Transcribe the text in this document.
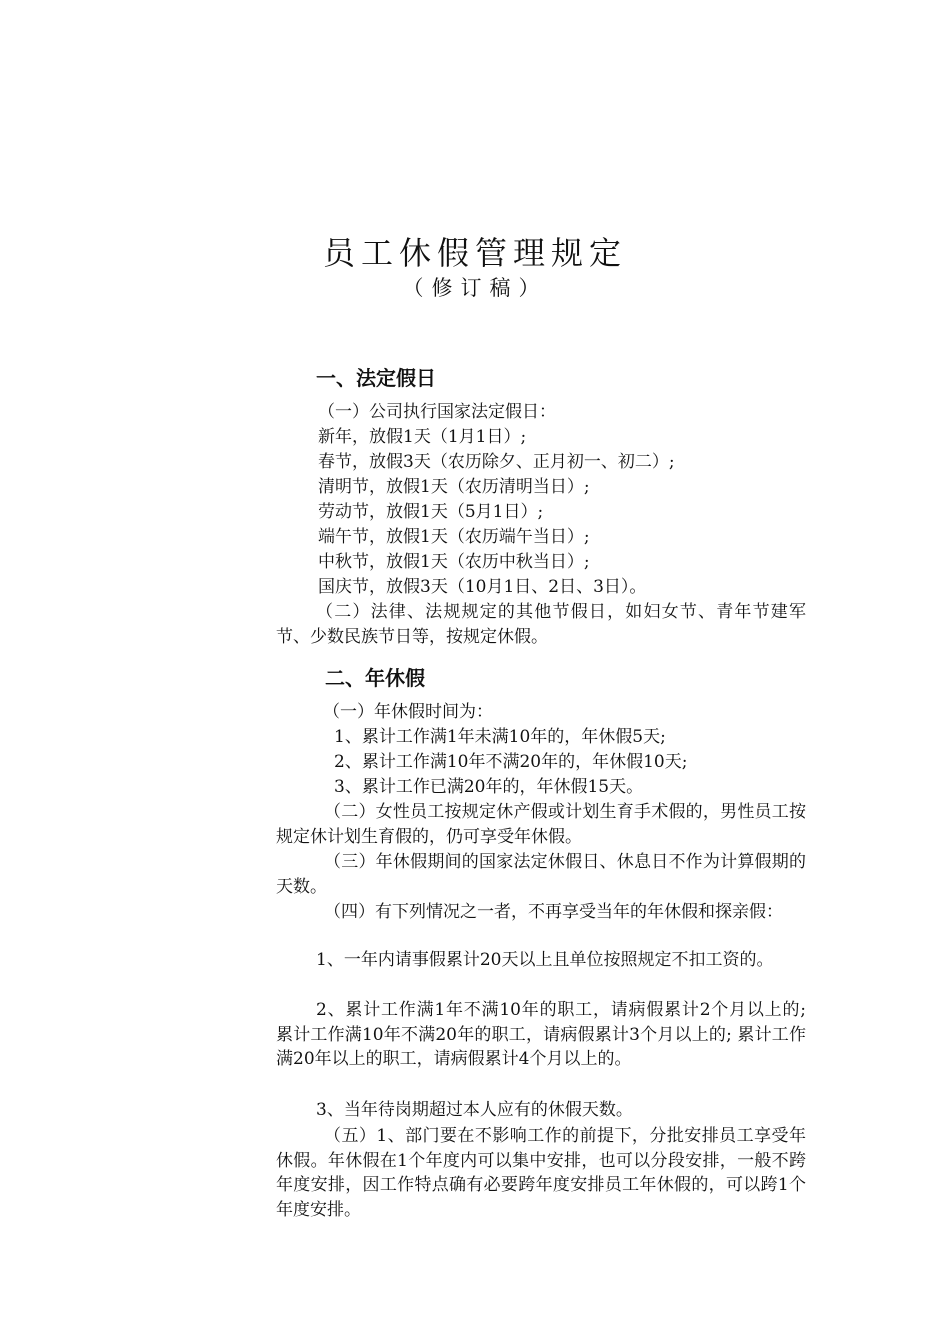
员工休假管理规定
（修订稿）
一、法定假日
（一）公司执行国家法定假日：
新年，放假1天（1月1日）;
春节，放假3天（农历除夕、正月初一、初二）;
清明节，放假1天（农历清明当日）;
劳动节，放假1天（5月1日）;
端午节，放假1天（农历端午当日）;
中秋节，放假1天（农历中秋当日）;
国庆节，放假3天（10月1日、2日、3日）。

（二）法律、法规规定的其他节假日，如妇女节、青年节建军节、少数民族节日等，按规定休假。

二、年休假
（一）年休假时间为：
1、累计工作满1年未满10年的，年休假5天;
2、累计工作满10年不满20年的，年休假10天;
3、累计工作已满20年的，年休假15天。

（二）女性员工按规定休产假或计划生育手术假的，男性员工按规定休计划生育假的，仍可享受年休假。

（三）年休假期间的国家法定休假日、休息日不作为计算假期的天数。

（四）有下列情况之一者，不再享受当年的年休假和探亲假：

1、一年内请事假累计20天以上且单位按照规定不扣工资的。

2、累计工作满1年不满10年的职工，请病假累计2个月以上的; 累计工作满10年不满20年的职工，请病假累计3个月以上的; 累计工作满20年以上的职工，请病假累计4个月以上的。

3、当年待岗期超过本人应有的休假天数。

（五）1、部门要在不影响工作的前提下，分批安排员工享受年休假。年休假在1个年度内可以集中安排，也可以分段安排，一般不跨年度安排，因工作特点确有必要跨年度安排员工年休假的，可以跨1个年度安排。
